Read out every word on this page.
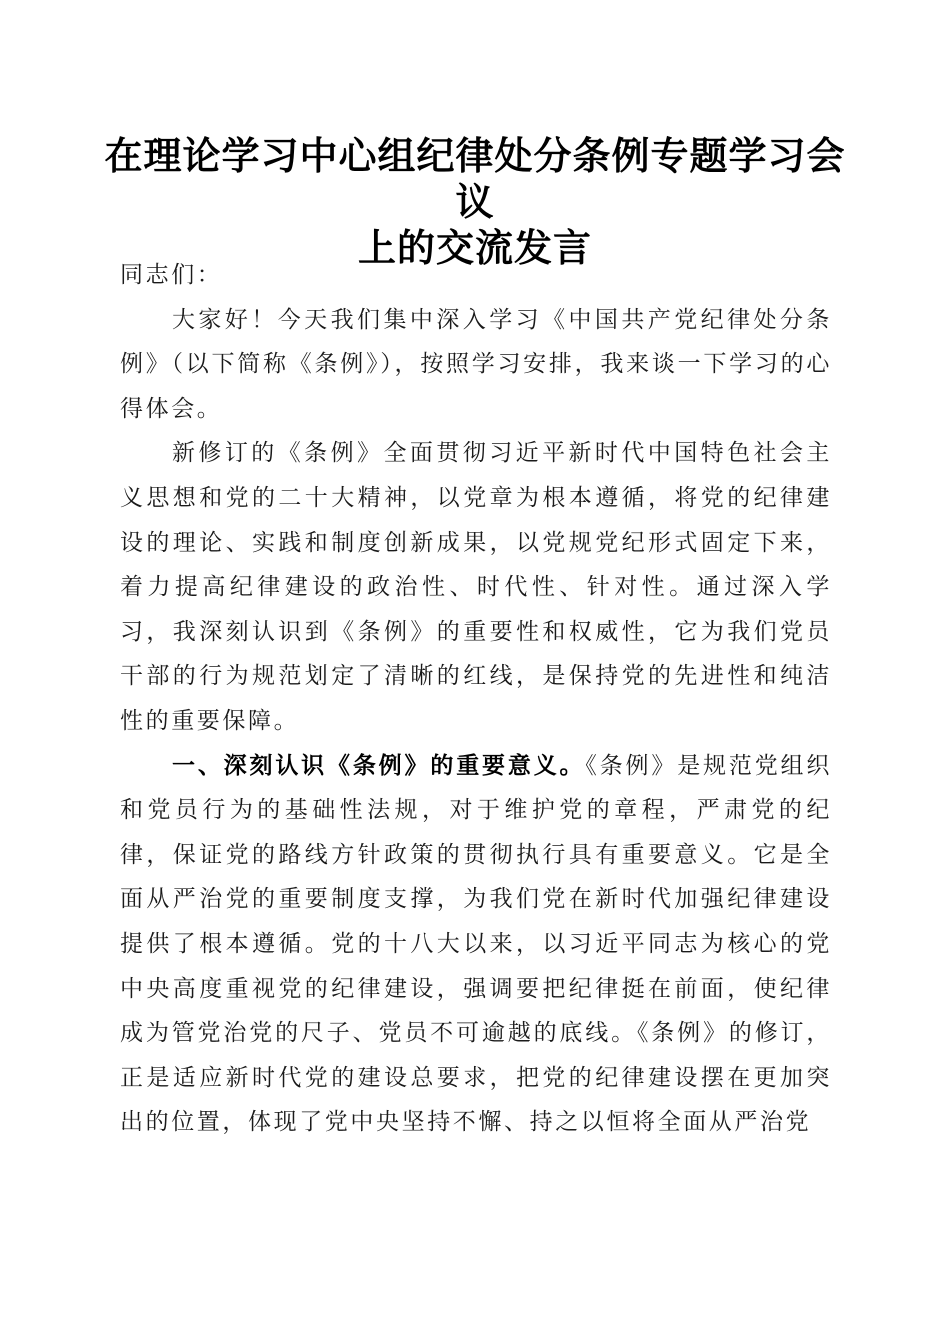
在理论学习中心组纪律处分条例专题学习会议
上的交流发言

同志们：

大家好！今天我们集中深入学习《中国共产党纪律处分条例》（以下简称《条例》），按照学习安排，我来谈一下学习的心得体会。

新修订的《条例》全面贯彻习近平新时代中国特色社会主义思想和党的二十大精神，以党章为根本遵循，将党的纪律建设的理论、实践和制度创新成果，以党规党纪形式固定下来，着力提高纪律建设的政治性、时代性、针对性。通过深入学习，我深刻认识到《条例》的重要性和权威性，它为我们党员干部的行为规范划定了清晰的红线，是保持党的先进性和纯洁性的重要保障。

一、深刻认识《条例》的重要意义。《条例》是规范党组织和党员行为的基础性法规，对于维护党的章程，严肃党的纪律，保证党的路线方针政策的贯彻执行具有重要意义。它是全面从严治党的重要制度支撑，为我们党在新时代加强纪律建设提供了根本遵循。党的十八大以来，以习近平同志为核心的党中央高度重视党的纪律建设，强调要把纪律挺在前面，使纪律成为管党治党的尺子、党员不可逾越的底线。《条例》的修订，正是适应新时代党的建设总要求，把党的纪律建设摆在更加突出的位置，体现了党中央坚持不懈、持之以恒将全面从严治党
